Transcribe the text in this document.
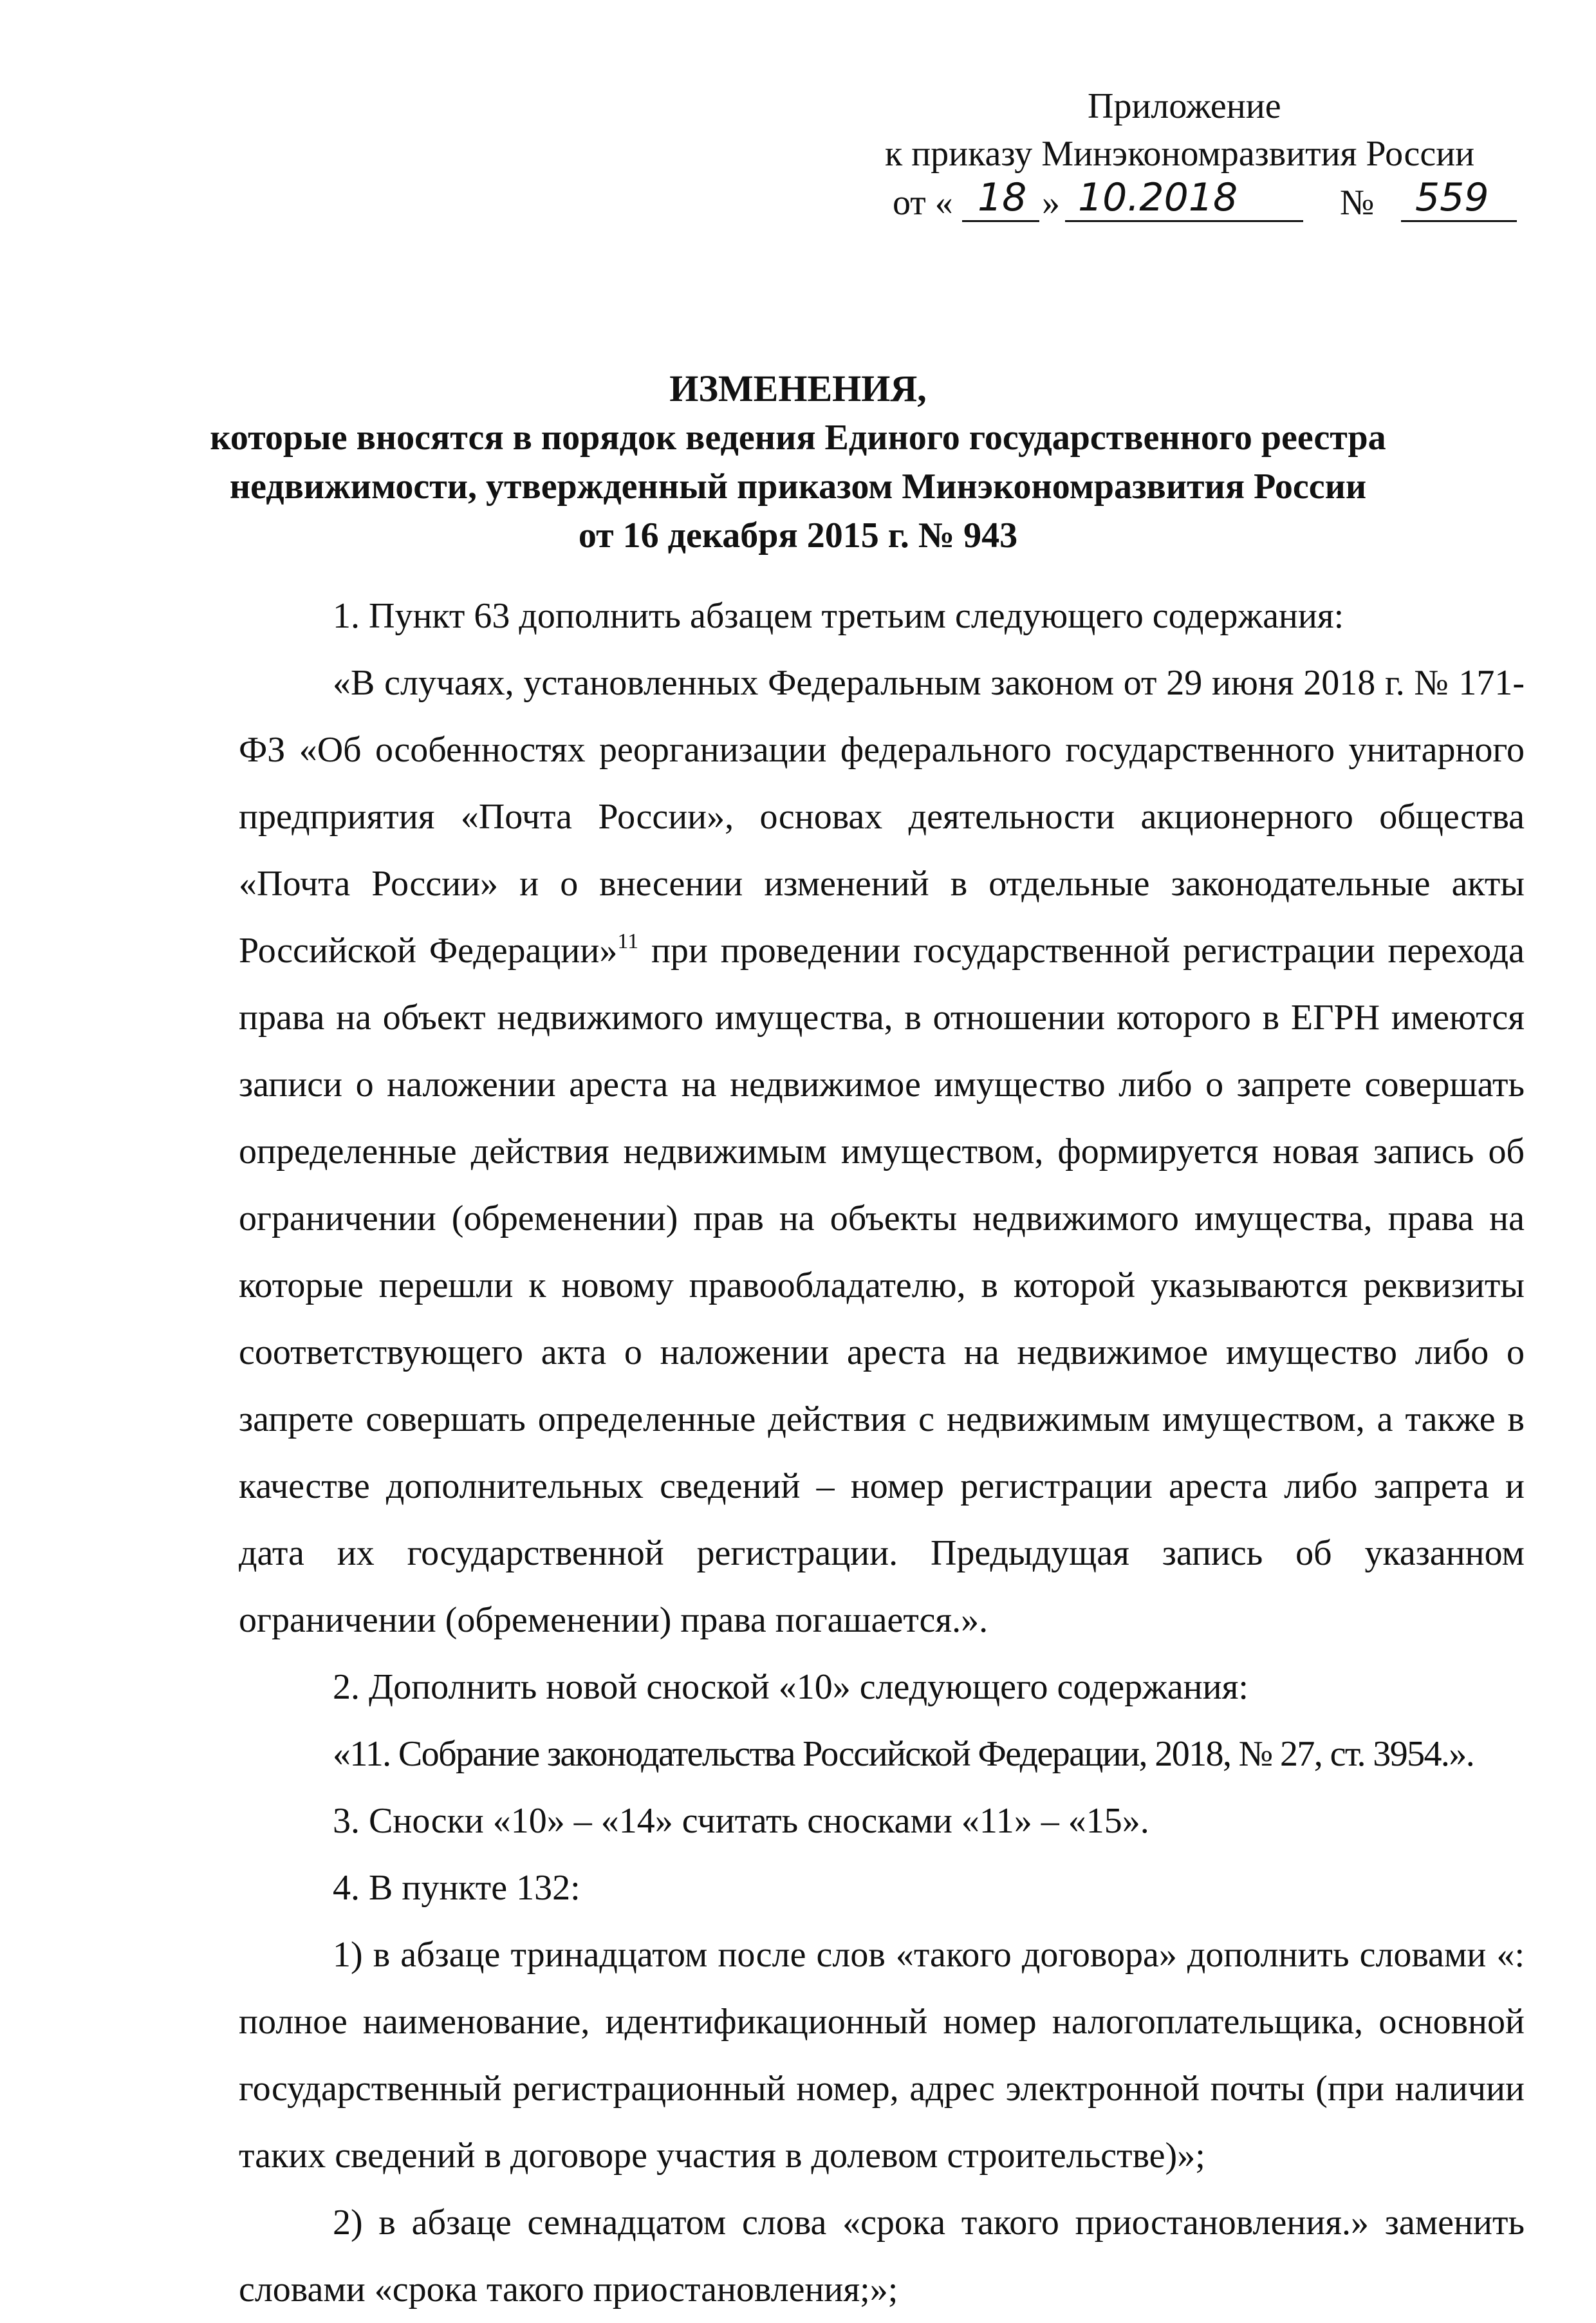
Приложение
к приказу Минэкономразвития России
от « 18 » 10.2018	№ 559
ИЗМЕНЕНИЯ,
которые вносятся в порядок ведения Единого государственного реестра
недвижимости, утвержденный приказом Минэкономразвития России
от 16 декабря 2015 г. № 943

1. Пункт 63 дополнить абзацем третьим следующего содержания:

«В случаях, установленных Федеральным законом от 29 июня 2018 г. № 171-ФЗ «Об особенностях реорганизации федерального государственного унитарного предприятия «Почта России», основах деятельности акционерного общества «Почта России» и о внесении изменений в отдельные законодательные акты Российской Федерации»$^{11}$ при проведении государственной регистрации перехода права на объект недвижимого имущества, в отношении которого в ЕГРН имеются записи о наложении ареста на недвижимое имущество либо о запрете совершать определенные действия недвижимым имуществом, формируется новая запись об ограничении (обременении) прав на объекты недвижимого имущества, права на которые перешли к новому правообладателю, в которой указываются реквизиты соответствующего акта о наложении ареста на недвижимое имущество либо о запрете совершать определенные действия с недвижимым имуществом, а также в качестве дополнительных сведений – номер регистрации ареста либо запрета и дата их государственной регистрации. Предыдущая запись об указанном ограничении (обременении) права погашается.».

2. Дополнить новой сноской «10» следующего содержания:

«11. Собрание законодательства Российской Федерации, 2018, № 27, ст. 3954.».

3. Сноски «10» – «14» считать сносками «11» – «15».

4. В пункте 132:

1) в абзаце тринадцатом после слов «такого договора» дополнить словами «: полное наименование, идентификационный номер налогоплательщика, основной государственный регистрационный номер, адрес электронной почты (при наличии таких сведений в договоре участия в долевом строительстве)»;

2) в абзаце семнадцатом слова «срока такого приостановления.» заменить словами «срока такого приостановления;»;
